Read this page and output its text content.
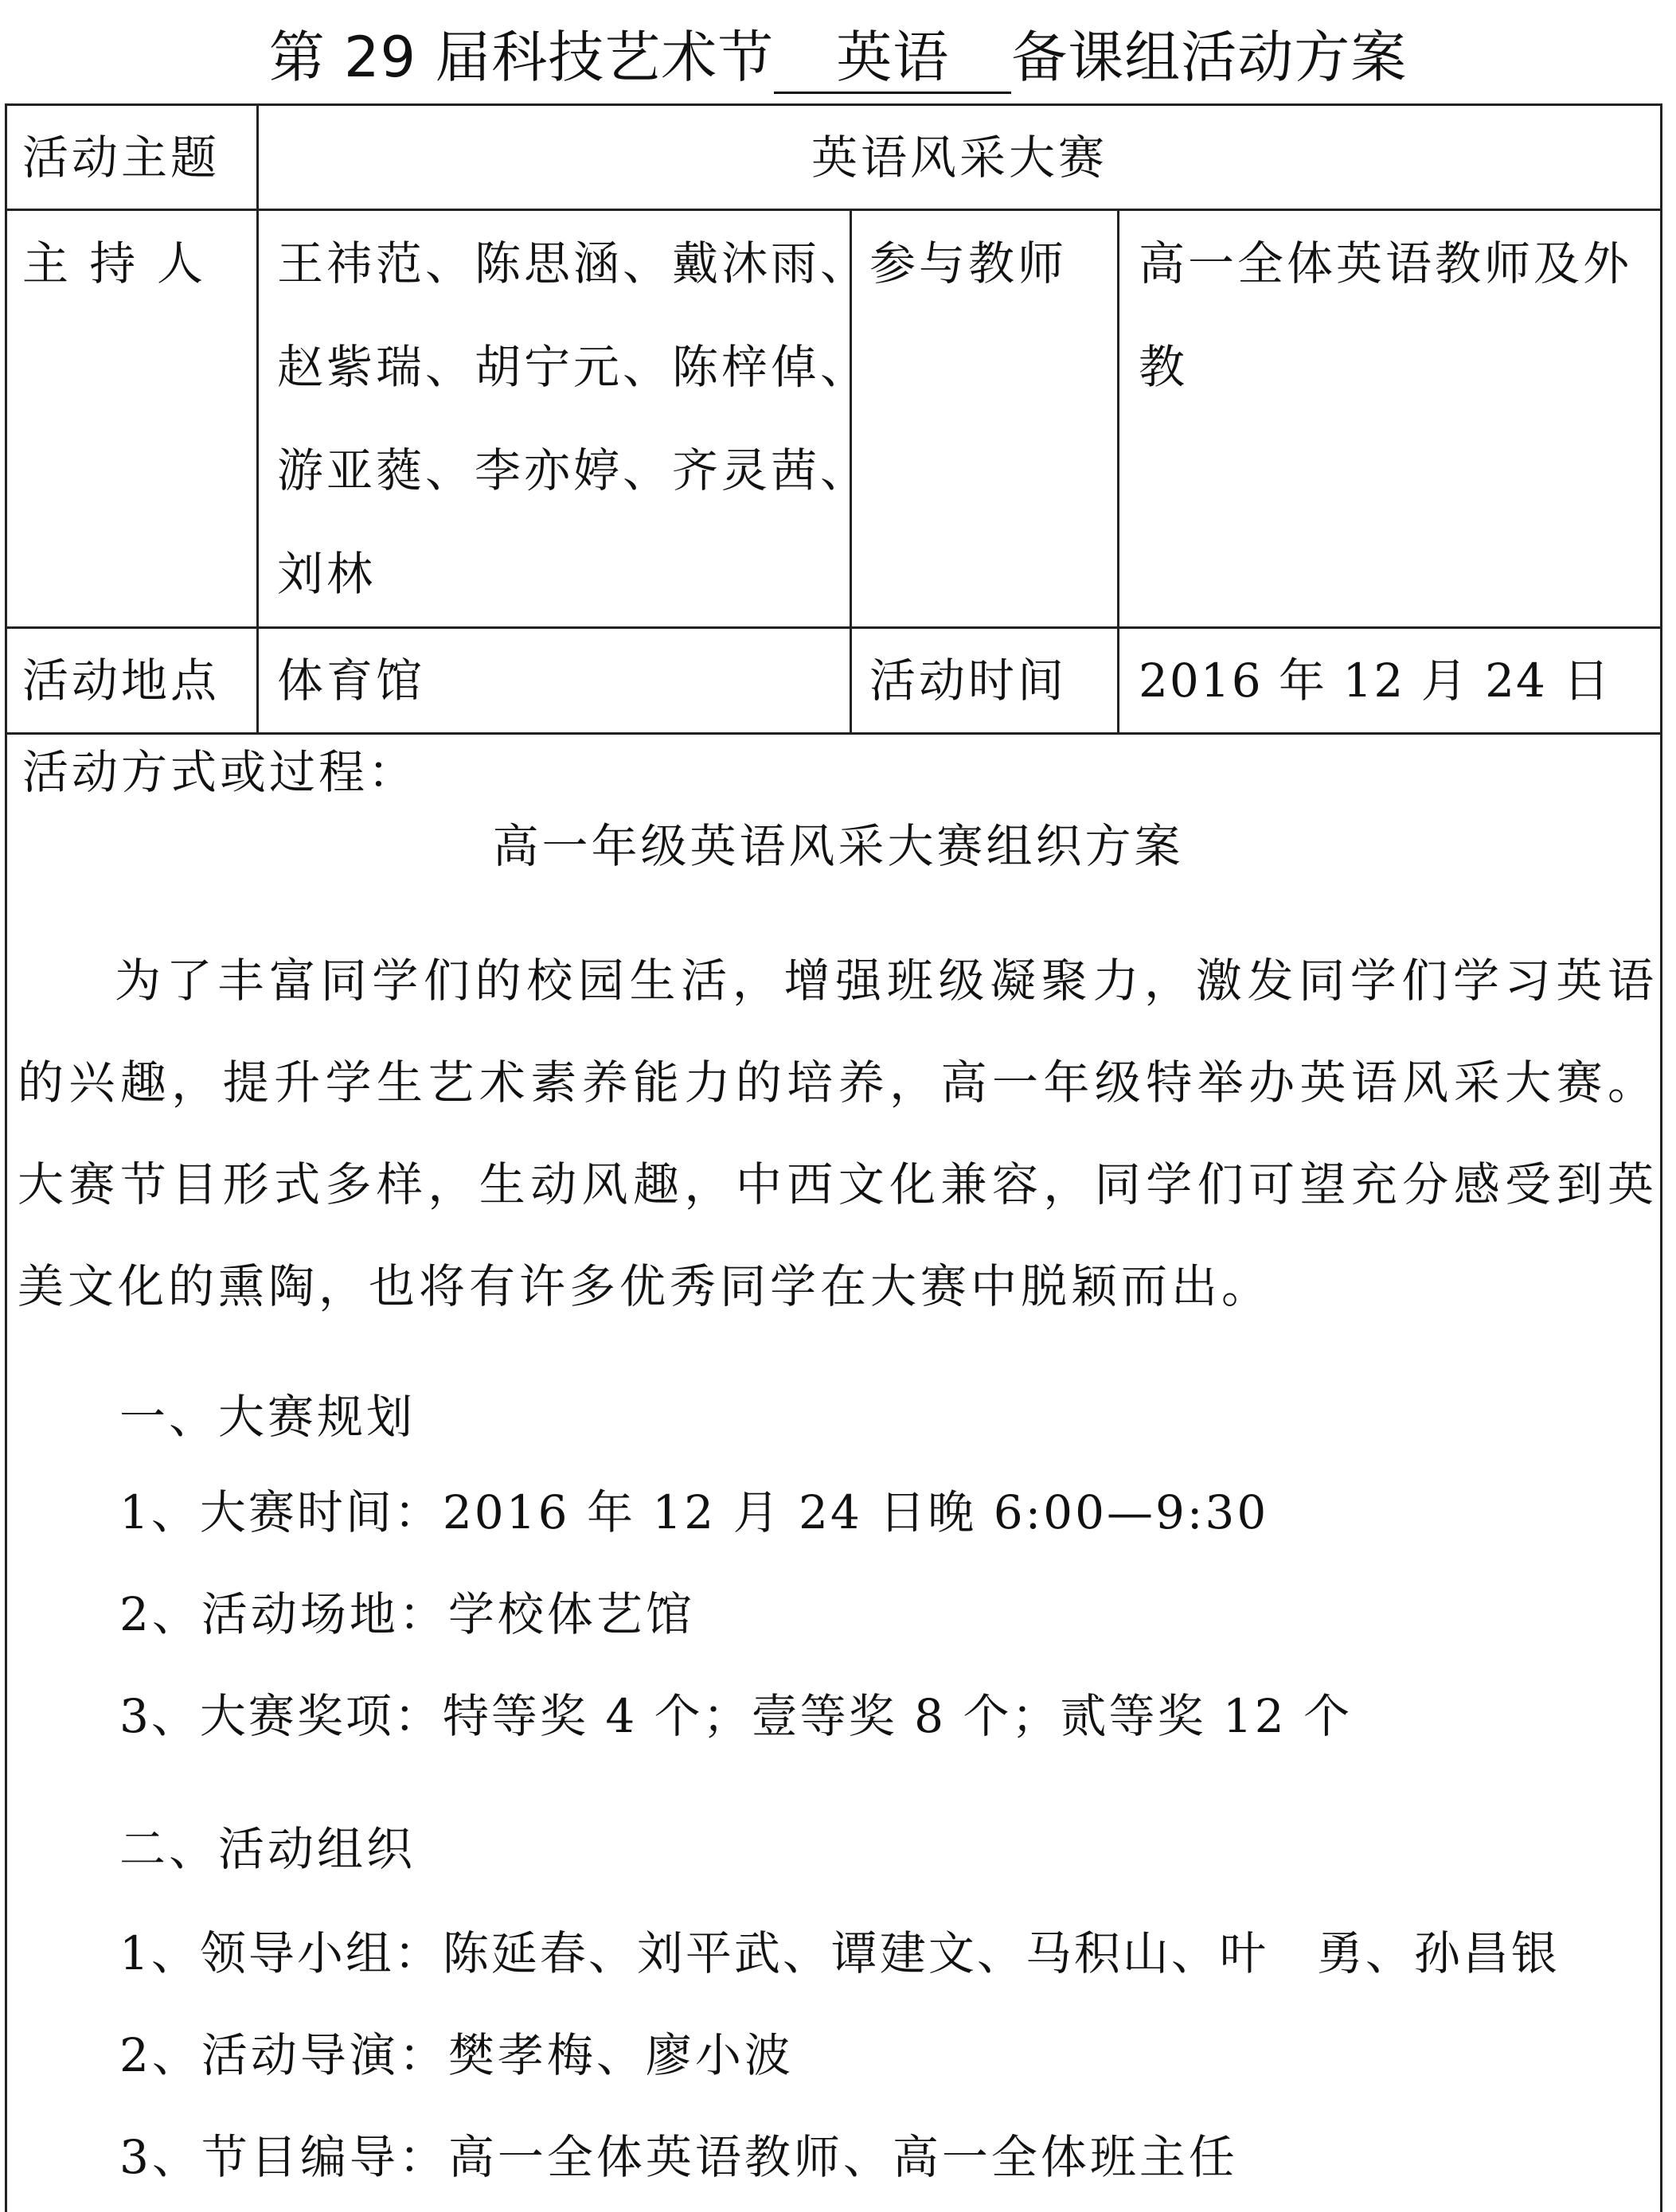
第 29 届科技艺术节 英语 备课组活动方案
活动主题	英语风采大赛
主 持 人 王祎范、陈思涵、戴沐雨、
赵紫瑞、胡宁元、陈梓倬、
游亚蕤、李亦婷、齐灵茜、
刘林
参与教师 高一全体英语教师及外
教
活动地点 体育馆	活动时间 2016 年 12 月 24 日
活动方式或过程：
高一年级英语风采大赛组织方案
为了丰富同学们的校园生活，增强班级凝聚力，激发同学们学习英语的兴趣，提升学生艺术素养能力的培养，高一年级特举办英语风采大赛。大赛节目形式多样，生动风趣，中西文化兼容，同学们可望充分感受到英美文化的熏陶，也将有许多优秀同学在大赛中脱颖而出。
一、大赛规划
1、大赛时间：2016 年 12 月 24 日晚 6:00—9:30
2、活动场地：学校体艺馆
3、大赛奖项：特等奖 4 个；壹等奖 8 个；贰等奖 12 个
二、活动组织
1、领导小组：陈延春、刘平武、谭建文、马积山、叶　勇、孙昌银
2、活动导演：樊孝梅、廖小波
3、节目编导：高一全体英语教师、高一全体班主任
